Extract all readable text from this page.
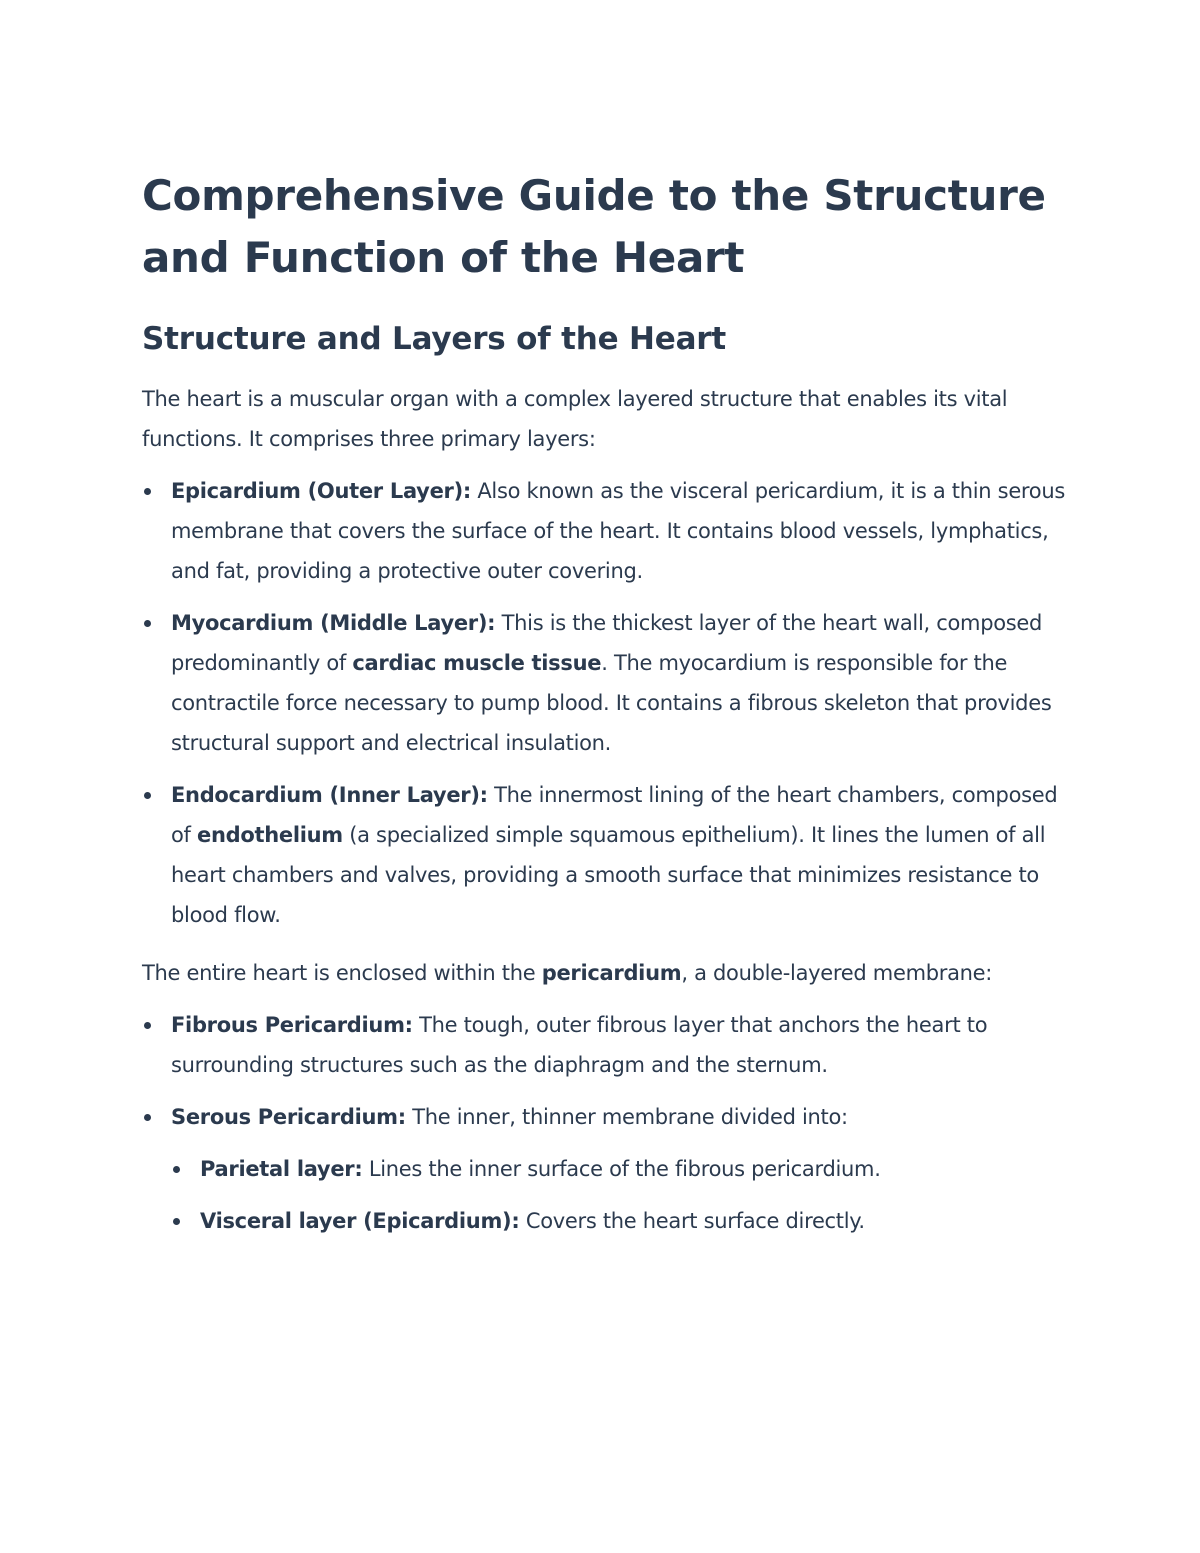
Comprehensive Guide to the Structure and Function of the Heart
Structure and Layers of the Heart

The heart is a muscular organ with a complex layered structure that enables its vital functions. It comprises three primary layers:

Epicardium (Outer Layer): Also known as the visceral pericardium, it is a thin serous membrane that covers the surface of the heart. It contains blood vessels, lymphatics, and fat, providing a protective outer covering.
Myocardium (Middle Layer): This is the thickest layer of the heart wall, composed predominantly of cardiac muscle tissue. The myocardium is responsible for the contractile force necessary to pump blood. It contains a fibrous skeleton that provides structural support and electrical insulation.
Endocardium (Inner Layer): The innermost lining of the heart chambers, composed of endothelium (a specialized simple squamous epithelium). It lines the lumen of all heart chambers and valves, providing a smooth surface that minimizes resistance to blood flow.

The entire heart is enclosed within the pericardium, a double-layered membrane:

Fibrous Pericardium: The tough, outer fibrous layer that anchors the heart to surrounding structures such as the diaphragm and the sternum.
Serous Pericardium: The inner, thinner membrane divided into:
Parietal layer: Lines the inner surface of the fibrous pericardium.
Visceral layer (Epicardium): Covers the heart surface directly.
